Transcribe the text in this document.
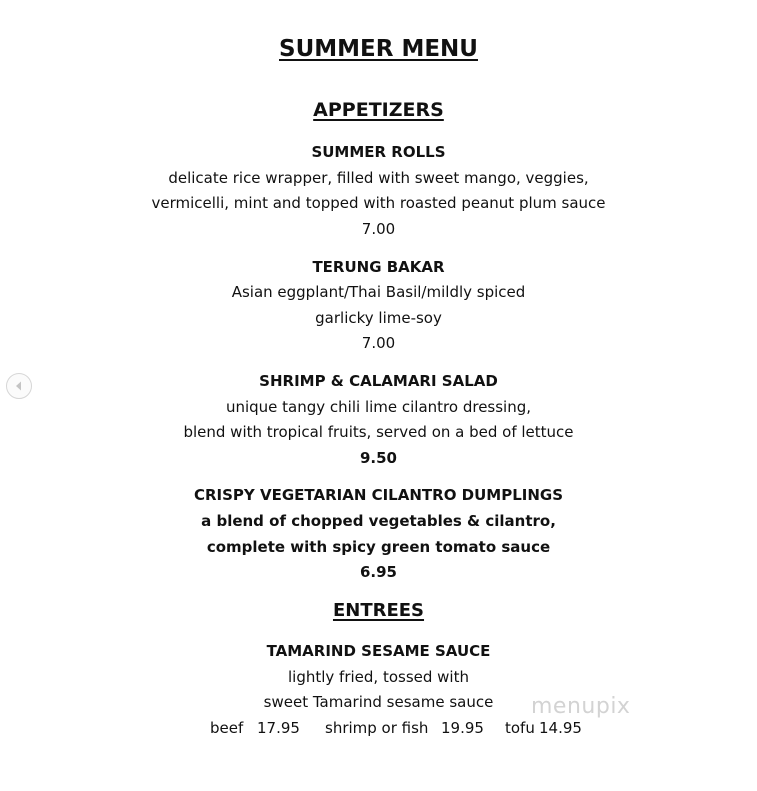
SUMMER MENU
APPETIZERS
SUMMER ROLLS
delicate rice wrapper, filled with sweet mango, veggies,
vermicelli, mint and topped with roasted peanut plum sauce
7.00
TERUNG BAKAR
Asian eggplant/Thai Basil/mildly spiced
garlicky lime-soy
7.00
SHRIMP & CALAMARI SALAD
unique tangy chili lime cilantro dressing,
blend with tropical fruits, served on a bed of lettuce
9.50
CRISPY VEGETARIAN CILANTRO DUMPLINGS
a blend of chopped vegetables & cilantro,
complete with spicy green tomato sauce
6.95
ENTREES
TAMARIND SESAME SAUCE
lightly fried, tossed with
sweet Tamarind sesame sauce
beef 17.95 shrimp or fish 19.95 tofu 14.95
menupix
